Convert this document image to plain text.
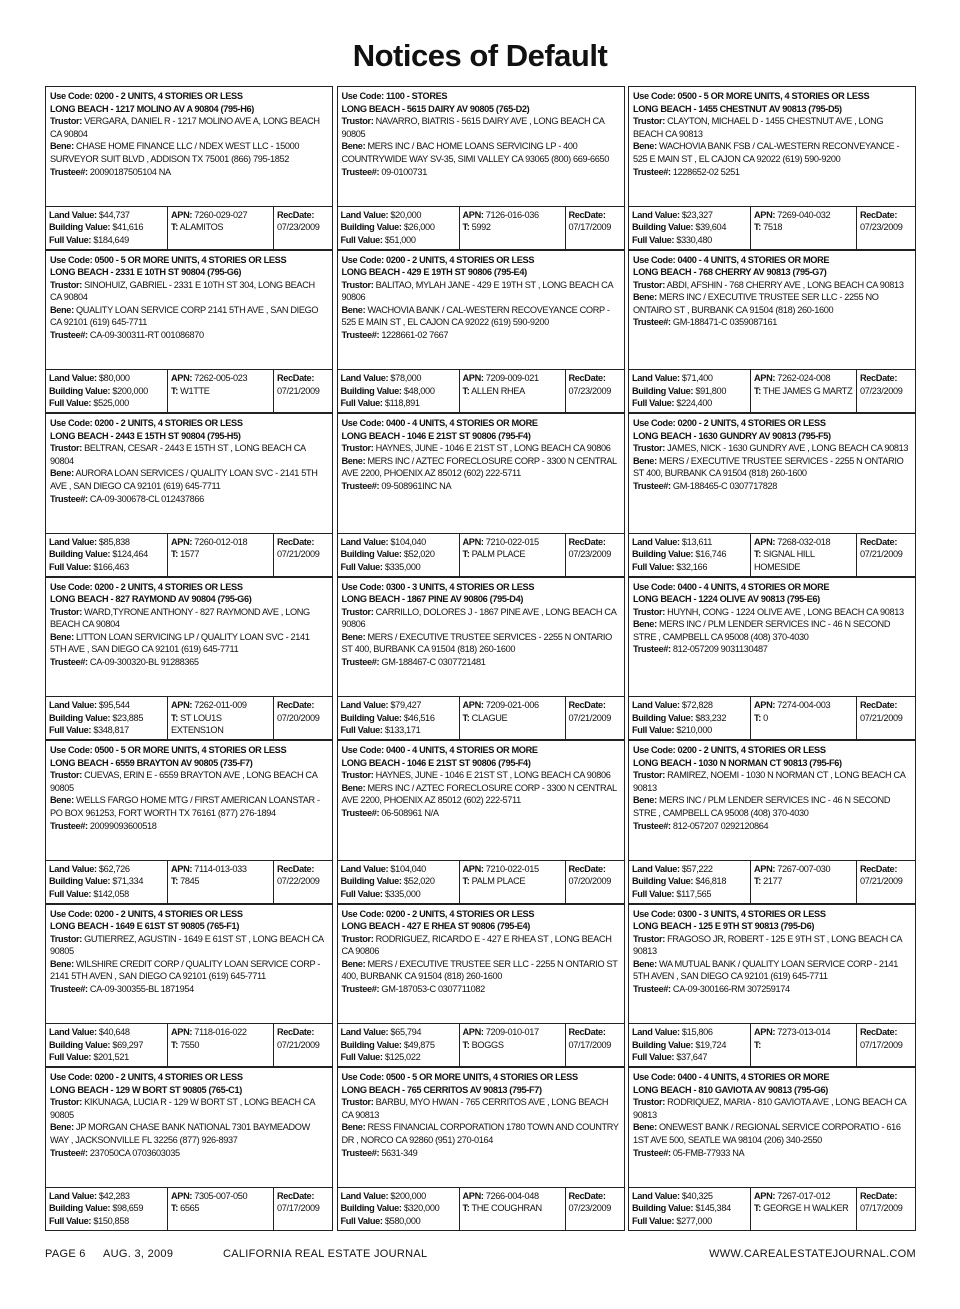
Notices of Default
Use Code: 0200 - 2 UNITS, 4 STORIES OR LESS
LONG BEACH - 1217 MOLINO AV A 90804 (795-H6)
Trustor: VERGARA, DANIEL R - 1217 MOLINO AVE A, LONG BEACH CA 90804
Bene: CHASE HOME FINANCE LLC / NDEX WEST LLC - 15000 SURVEYOR SUIT BLVD , ADDISON TX 75001 (866) 795-1852
Trustee#: 20090187505104 NA
Land Value: $44,737
Building Value: $41,616
Full Value: $184,649
APN: 7260-029-027
T: ALAMITOS
RecDate:
07/23/2009
Use Code: 0500 - 5 OR MORE UNITS, 4 STORIES OR LESS
LONG BEACH - 2331 E 10TH ST 90804 (795-G6)
Trustor: SINOHUIZ, GABRIEL - 2331 E 10TH ST 304, LONG BEACH CA 90804
Bene: QUALITY LOAN SERVICE CORP 2141 5TH AVE , SAN DIEGO CA 92101 (619) 645-7711
Trustee#: CA-09-300311-RT 001086870
Land Value: $80,000
Building Value: $200,000
Full Value: $525,000
APN: 7262-005-023
T: W1TTE
RecDate:
07/21/2009
Use Code: 0200 - 2 UNITS, 4 STORIES OR LESS
LONG BEACH - 2443 E 15TH ST 90804 (795-H5)
Trustor: BELTRAN, CESAR - 2443 E 15TH ST , LONG BEACH CA 90804
Bene: AURORA LOAN SERVICES / QUALITY LOAN SVC - 2141 5TH AVE , SAN DIEGO CA 92101 (619) 645-7711
Trustee#: CA-09-300678-CL 012437866
Land Value: $85,838
Building Value: $124,464
Full Value: $166,463
APN: 7260-012-018
T: 1577
RecDate:
07/21/2009
Use Code: 0200 - 2 UNITS, 4 STORIES OR LESS
LONG BEACH - 827 RAYMOND AV 90804 (795-G6)
Trustor: WARD,TYRONE ANTHONY - 827 RAYMOND AVE , LONG BEACH CA 90804
Bene: LITTON LOAN SERVICING LP / QUALITY LOAN SVC - 2141 5TH AVE , SAN DIEGO CA 92101 (619) 645-7711
Trustee#: CA-09-300320-BL 91288365
Land Value: $95,544
Building Value: $23,885
Full Value: $348,817
APN: 7262-011-009
T: ST LOU1S EXTENS1ON
RecDate:
07/20/2009
Use Code: 0500 - 5 OR MORE UNITS, 4 STORIES OR LESS
LONG BEACH - 6559 BRAYTON AV 90805 (735-F7)
Trustor: CUEVAS, ERIN E - 6559 BRAYTON AVE , LONG BEACH CA 90805
Bene: WELLS FARGO HOME MTG / FIRST AMERICAN LOANSTAR - PO BOX 961253, FORT WORTH TX 76161 (877) 276-1894
Trustee#: 20099093600518
Land Value: $62,726
Building Value: $71,334
Full Value: $142,058
APN: 7114-013-033
T: 7845
RecDate:
07/22/2009
Use Code: 0200 - 2 UNITS, 4 STORIES OR LESS
LONG BEACH - 1649 E 61ST ST 90805 (765-F1)
Trustor: GUTIERREZ, AGUSTIN - 1649 E 61ST ST , LONG BEACH CA 90805
Bene: WILSHIRE CREDIT CORP / QUALITY LOAN SERVICE CORP - 2141 5TH AVEN , SAN DIEGO CA 92101 (619) 645-7711
Trustee#: CA-09-300355-BL 1871954
Land Value: $40,648
Building Value: $69,297
Full Value: $201,521
APN: 7118-016-022
T: 7550
RecDate:
07/21/2009
Use Code: 0200 - 2 UNITS, 4 STORIES OR LESS
LONG BEACH - 129 W BORT ST 90805 (765-C1)
Trustor: KIKUNAGA, LUCIA R - 129 W BORT ST , LONG BEACH CA 90805
Bene: JP MORGAN CHASE BANK NATIONAL 7301 BAYMEADOW WAY , JACKSONVILLE FL 32256 (877) 926-8937
Trustee#: 237050CA 0703603035
Land Value: $42,283
Building Value: $98,659
Full Value: $150,858
APN: 7305-007-050
T: 6565
RecDate:
07/17/2009
Use Code: 1100 - STORES
LONG BEACH - 5615 DAIRY AV 90805 (765-D2)
Trustor: NAVARRO, BIATRIS - 5615 DAIRY AVE , LONG BEACH CA 90805
Bene: MERS INC / BAC HOME LOANS SERVICING LP - 400 COUNTRYWIDE WAY SV-35, SIMI VALLEY CA 93065 (800) 669-6650
Trustee#: 09-0100731
Land Value: $20,000
Building Value: $26,000
Full Value: $51,000
APN: 7126-016-036
T: 5992
RecDate:
07/17/2009
Use Code: 0200 - 2 UNITS, 4 STORIES OR LESS
LONG BEACH - 429 E 19TH ST 90806 (795-E4)
Trustor: BALITAO, MYLAH JANE - 429 E 19TH ST , LONG BEACH CA 90806
Bene: WACHOVIA BANK / CAL-WESTERN RECOVEYANCE CORP - 525 E MAIN ST , EL CAJON CA 92022 (619) 590-9200
Trustee#: 1228661-02 7667
Land Value: $78,000
Building Value: $48,000
Full Value: $118,891
APN: 7209-009-021
T: ALLEN RHEA
RecDate:
07/23/2009
Use Code: 0400 - 4 UNITS, 4 STORIES OR MORE
LONG BEACH - 1046 E 21ST ST 90806 (795-F4)
Trustor: HAYNES, JUNE - 1046 E 21ST ST , LONG BEACH CA 90806
Bene: MERS INC / AZTEC FORECLOSURE CORP - 3300 N CENTRAL AVE 2200, PHOENIX AZ 85012 (602) 222-5711
Trustee#: 09-508961INC NA
Land Value: $104,040
Building Value: $52,020
Full Value: $335,000
APN: 7210-022-015
T: PALM PLACE
RecDate:
07/23/2009
Use Code: 0300 - 3 UNITS, 4 STORIES OR LESS
LONG BEACH - 1867 PINE AV 90806 (795-D4)
Trustor: CARRILLO, DOLORES J - 1867 PINE AVE , LONG BEACH CA 90806
Bene: MERS / EXECUTIVE TRUSTEE SERVICES - 2255 N ONTARIO ST 400, BURBANK CA 91504 (818) 260-1600
Trustee#: GM-188467-C 0307721481
Land Value: $79,427
Building Value: $46,516
Full Value: $133,171
APN: 7209-021-006
T: CLAGUE
RecDate:
07/21/2009
Use Code: 0400 - 4 UNITS, 4 STORIES OR MORE
LONG BEACH - 1046 E 21ST ST 90806 (795-F4)
Trustor: HAYNES, JUNE - 1046 E 21ST ST , LONG BEACH CA 90806
Bene: MERS INC / AZTEC FORECLOSURE CORP - 3300 N CENTRAL AVE 2200, PHOENIX AZ 85012 (602) 222-5711
Trustee#: 06-508961 N/A
Land Value: $104,040
Building Value: $52,020
Full Value: $335,000
APN: 7210-022-015
T: PALM PLACE
RecDate:
07/20/2009
Use Code: 0200 - 2 UNITS, 4 STORIES OR LESS
LONG BEACH - 427 E RHEA ST 90806 (795-E4)
Trustor: RODRIGUEZ, RICARDO E - 427 E RHEA ST , LONG BEACH CA 90806
Bene: MERS / EXECUTIVE TRUSTEE SER LLC - 2255 N ONTARIO ST 400, BURBANK CA 91504 (818) 260-1600
Trustee#: GM-187053-C 0307711082
Land Value: $65,794
Building Value: $49,875
Full Value: $125,022
APN: 7209-010-017
T: BOGGS
RecDate:
07/17/2009
Use Code: 0500 - 5 OR MORE UNITS, 4 STORIES OR LESS
LONG BEACH - 765 CERRITOS AV 90813 (795-F7)
Trustor: BARBU, MYO HWAN - 765 CERRITOS AVE , LONG BEACH CA 90813
Bene: RESS FINANCIAL CORPORATION 1780 TOWN AND COUNTRY DR , NORCO CA 92860 (951) 270-0164
Trustee#: 5631-349
Land Value: $200,000
Building Value: $320,000
Full Value: $580,000
APN: 7266-004-048
T: THE COUGHRAN
RecDate:
07/23/2009
Use Code: 0500 - 5 OR MORE UNITS, 4 STORIES OR LESS
LONG BEACH - 1455 CHESTNUT AV 90813 (795-D5)
Trustor: CLAYTON, MICHAEL D - 1455 CHESTNUT AVE , LONG BEACH CA 90813
Bene: WACHOVIA BANK FSB / CAL-WESTERN RECONVEYANCE - 525 E MAIN ST , EL CAJON CA 92022 (619) 590-9200
Trustee#: 1228652-02 5251
Land Value: $23,327
Building Value: $39,604
Full Value: $330,480
APN: 7269-040-032
T: 7518
RecDate:
07/23/2009
Use Code: 0400 - 4 UNITS, 4 STORIES OR MORE
LONG BEACH - 768 CHERRY AV 90813 (795-G7)
Trustor: ABDI, AFSHIN - 768 CHERRY AVE , LONG BEACH CA 90813
Bene: MERS INC / EXECUTIVE TRUSTEE SER LLC - 2255 NO ONTAIRO ST , BURBANK CA 91504 (818) 260-1600
Trustee#: GM-188471-C 0359087161
Land Value: $71,400
Building Value: $91,800
Full Value: $224,400
APN: 7262-024-008
T: THE JAMES G MARTZ
RecDate:
07/23/2009
Use Code: 0200 - 2 UNITS, 4 STORIES OR LESS
LONG BEACH - 1630 GUNDRY AV 90813 (795-F5)
Trustor: JAMES, NICK - 1630 GUNDRY AVE , LONG BEACH CA 90813
Bene: MERS / EXECUTIVE TRUSTEE SERVICES - 2255 N ONTARIO ST 400, BURBANK CA 91504 (818) 260-1600
Trustee#: GM-188465-C 0307717828
Land Value: $13,611
Building Value: $16,746
Full Value: $32,166
APN: 7268-032-018
T: SIGNAL HILL HOMESIDE
RecDate:
07/21/2009
Use Code: 0400 - 4 UNITS, 4 STORIES OR MORE
LONG BEACH - 1224 OLIVE AV 90813 (795-E6)
Trustor: HUYNH, CONG - 1224 OLIVE AVE , LONG BEACH CA 90813
Bene: MERS INC / PLM LENDER SERVICES INC - 46 N SECOND STRE , CAMPBELL CA 95008 (408) 370-4030
Trustee#: 812-057209 9031130487
Land Value: $72,828
Building Value: $83,232
Full Value: $210,000
APN: 7274-004-003
T: 0
RecDate:
07/21/2009
Use Code: 0200 - 2 UNITS, 4 STORIES OR LESS
LONG BEACH - 1030 N NORMAN CT 90813 (795-F6)
Trustor: RAMIREZ, NOEMI - 1030 N NORMAN CT , LONG BEACH CA 90813
Bene: MERS INC / PLM LENDER SERVICES INC - 46 N SECOND STRE , CAMPBELL CA 95008 (408) 370-4030
Trustee#: 812-057207 0292120864
Land Value: $57,222
Building Value: $46,818
Full Value: $117,565
APN: 7267-007-030
T: 2177
RecDate:
07/21/2009
Use Code: 0300 - 3 UNITS, 4 STORIES OR LESS
LONG BEACH - 125 E 9TH ST 90813 (795-D6)
Trustor: FRAGOSO JR, ROBERT - 125 E 9TH ST , LONG BEACH CA 90813
Bene: WA MUTUAL BANK / QUALITY LOAN SERVICE CORP - 2141 5TH AVEN , SAN DIEGO CA 92101 (619) 645-7711
Trustee#: CA-09-300166-RM 307259174
Land Value: $15,806
Building Value: $19,724
Full Value: $37,647
APN: 7273-013-014
T:
RecDate:
07/17/2009
Use Code: 0400 - 4 UNITS, 4 STORIES OR MORE
LONG BEACH - 810 GAVIOTA AV 90813 (795-G6)
Trustor: RODRIQUEZ, MARIA - 810 GAVIOTA AVE , LONG BEACH CA 90813
Bene: ONEWEST BANK / REGIONAL SERVICE CORPORATIO - 616 1ST AVE 500, SEATLE WA 98104 (206) 340-2550
Trustee#: 05-FMB-77933 NA
Land Value: $40,325
Building Value: $145,384
Full Value: $277,000
APN: 7267-017-012
T: GEORGE H WALKER
RecDate:
07/17/2009
PAGE 6 AUG. 3, 2009	CALIFORNIA REAL ESTATE JOURNAL	WWW.CAREALESTATEJOURNAL.COM
